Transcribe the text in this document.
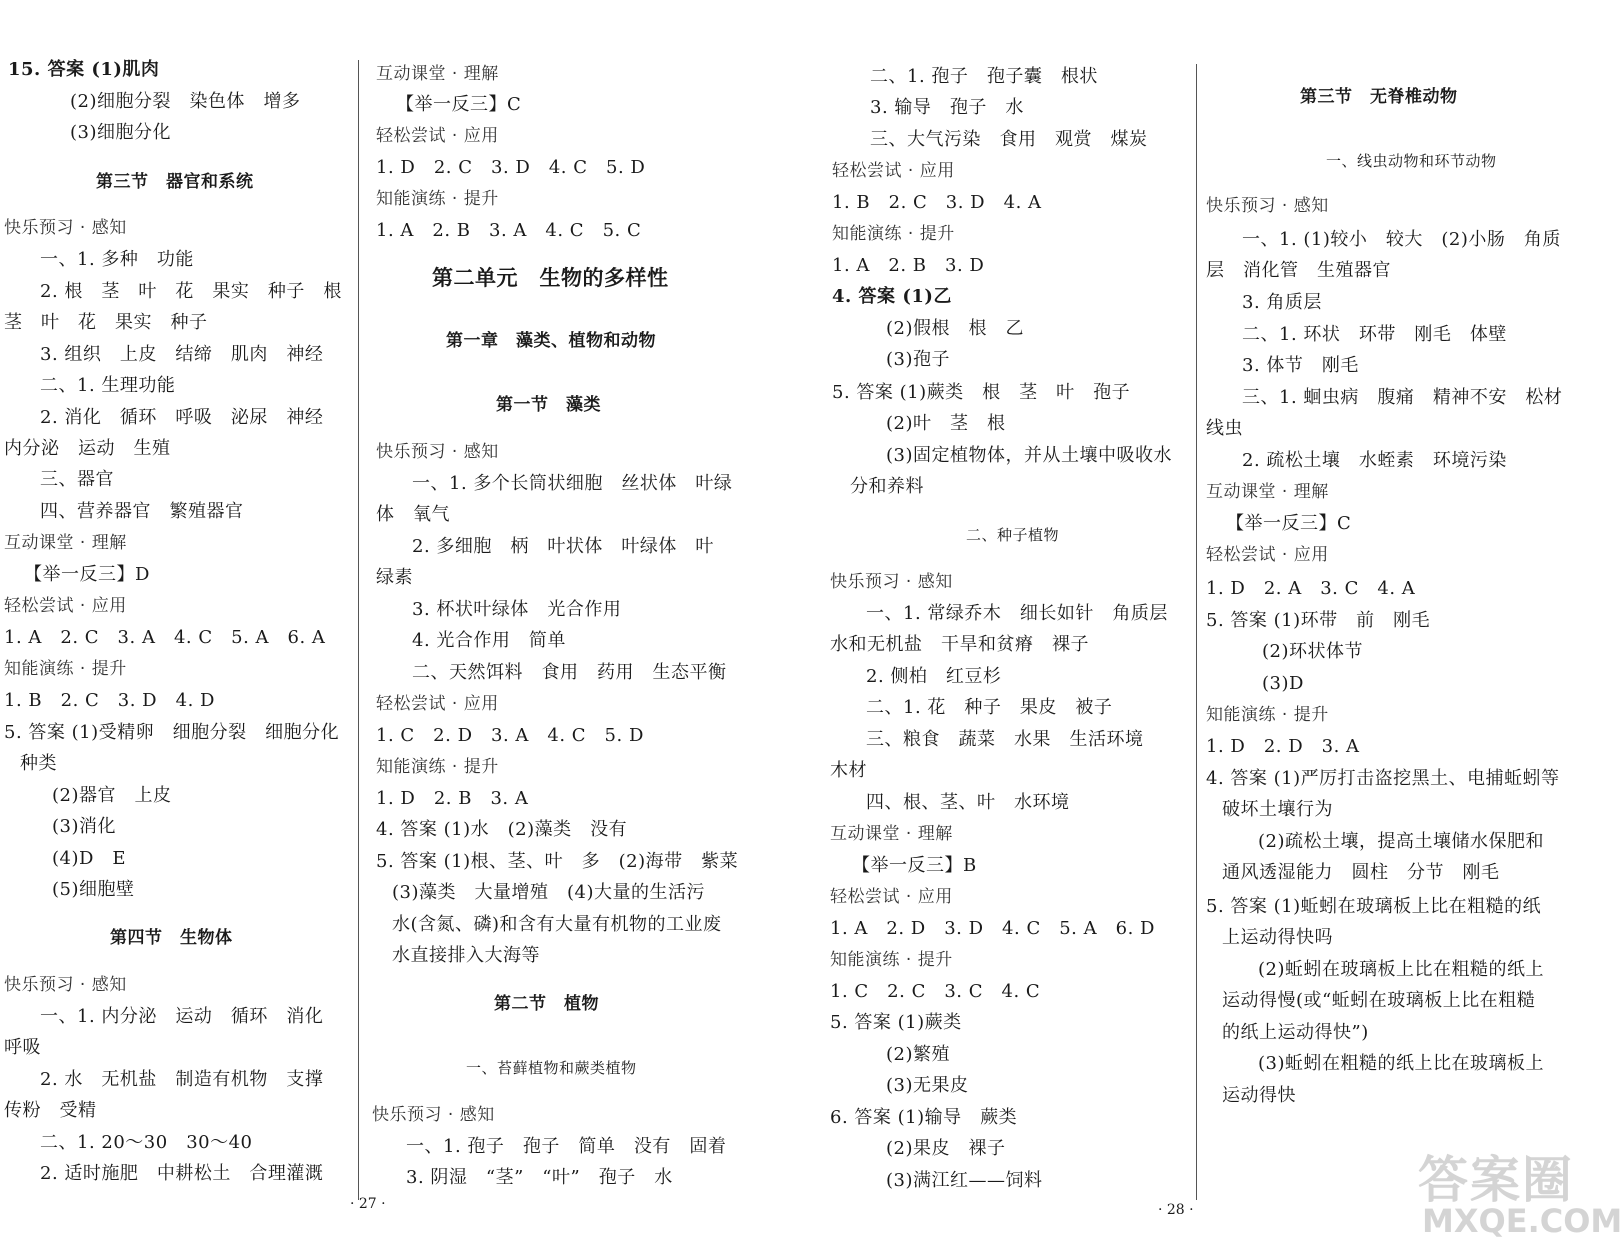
15. 答案 (1)肌肉
(2)细胞分裂　染色体　增多
(3)细胞分化
第三节　器官和系统
快乐预习 · 感知
一、1. 多种　功能
2. 根　茎　叶　花　果实　种子　根
茎　叶　花　果实　种子
3. 组织　上皮　结缔　肌肉　神经
二、1. 生理功能
2. 消化　循环　呼吸　泌尿　神经
内分泌　运动　生殖
三、器官
四、营养器官　繁殖器官
互动课堂 · 理解
【举一反三】D
轻松尝试 · 应用
1. A　2. C　3. A　4. C　5. A　6. A
知能演练 · 提升
1. B　2. C　3. D　4. D
5. 答案 (1)受精卵　细胞分裂　细胞分化
种类
(2)器官　上皮
(3)消化
(4)D　E
(5)细胞壁
第四节　生物体
快乐预习 · 感知
一、1. 内分泌　运动　循环　消化
呼吸
2. 水　无机盐　制造有机物　支撑
传粉　受精
二、1. 20～30　30～40
2. 适时施肥　中耕松土　合理灌溉
互动课堂 · 理解
【举一反三】C
轻松尝试 · 应用
1. D　2. C　3. D　4. C　5. D
知能演练 · 提升
1. A　2. B　3. A　4. C　5. C
第二单元　生物的多样性
第一章　藻类、植物和动物
第一节　藻类
快乐预习 · 感知
一、1. 多个长筒状细胞　丝状体　叶绿
体　氧气
2. 多细胞　柄　叶状体　叶绿体　叶
绿素
3. 杯状叶绿体　光合作用
4. 光合作用　简单
二、天然饵料　食用　药用　生态平衡
轻松尝试 · 应用
1. C　2. D　3. A　4. C　5. D
知能演练 · 提升
1. D　2. B　3. A
4. 答案 (1)水　(2)藻类　没有
5. 答案 (1)根、茎、叶　多　(2)海带　紫菜
(3)藻类　大量增殖　(4)大量的生活污
水(含氮、磷)和含有大量有机物的工业废
水直接排入大海等
第二节　植物
一、苔藓植物和蕨类植物
快乐预习 · 感知
一、1. 孢子　孢子　简单　没有　固着
3. 阴湿　“茎”　“叶”　孢子　水
· 27 ·
二、1. 孢子　孢子囊　根状
3. 输导　孢子　水
三、大气污染　食用　观赏　煤炭
轻松尝试 · 应用
1. B　2. C　3. D　4. A
知能演练 · 提升
1. A　2. B　3. D
4. 答案 (1)乙
(2)假根　根　乙
(3)孢子
5. 答案 (1)蕨类　根　茎　叶　孢子
(2)叶　茎　根
(3)固定植物体，并从土壤中吸收水
分和养料
二、种子植物
快乐预习 · 感知
一、1. 常绿乔木　细长如针　角质层
水和无机盐　干旱和贫瘠　裸子
2. 侧柏　红豆杉
二、1. 花　种子　果皮　被子
三、粮食　蔬菜　水果　生活环境
木材
四、根、茎、叶　水环境
互动课堂 · 理解
【举一反三】B
轻松尝试 · 应用
1. A　2. D　3. D　4. C　5. A　6. D
知能演练 · 提升
1. C　2. C　3. C　4. C
5. 答案 (1)蕨类
(2)繁殖
(3)无果皮
6. 答案 (1)输导　蕨类
(2)果皮　裸子
(3)满江红——饲料
第三节　无脊椎动物
一、线虫动物和环节动物
快乐预习 · 感知
一、1. (1)较小　较大　(2)小肠　角质
层　消化管　生殖器官
3. 角质层
二、1. 环状　环带　刚毛　体壁
3. 体节　刚毛
三、1. 蛔虫病　腹痛　精神不安　松材
线虫
2. 疏松土壤　水蛭素　环境污染
互动课堂 · 理解
【举一反三】C
轻松尝试 · 应用
1. D　2. A　3. C　4. A
5. 答案 (1)环带　前　刚毛
(2)环状体节
(3)D
知能演练 · 提升
1. D　2. D　3. A
4. 答案 (1)严厉打击盗挖黑土、电捕蚯蚓等
破坏土壤行为
(2)疏松土壤，提高土壤储水保肥和
通风透湿能力　圆柱　分节　刚毛
5. 答案 (1)蚯蚓在玻璃板上比在粗糙的纸
上运动得快吗
(2)蚯蚓在玻璃板上比在粗糙的纸上
运动得慢(或“蚯蚓在玻璃板上比在粗糙
的纸上运动得快”)
(3)蚯蚓在粗糙的纸上比在玻璃板上
运动得快
· 28 ·
答案圈
MXQE.COM
